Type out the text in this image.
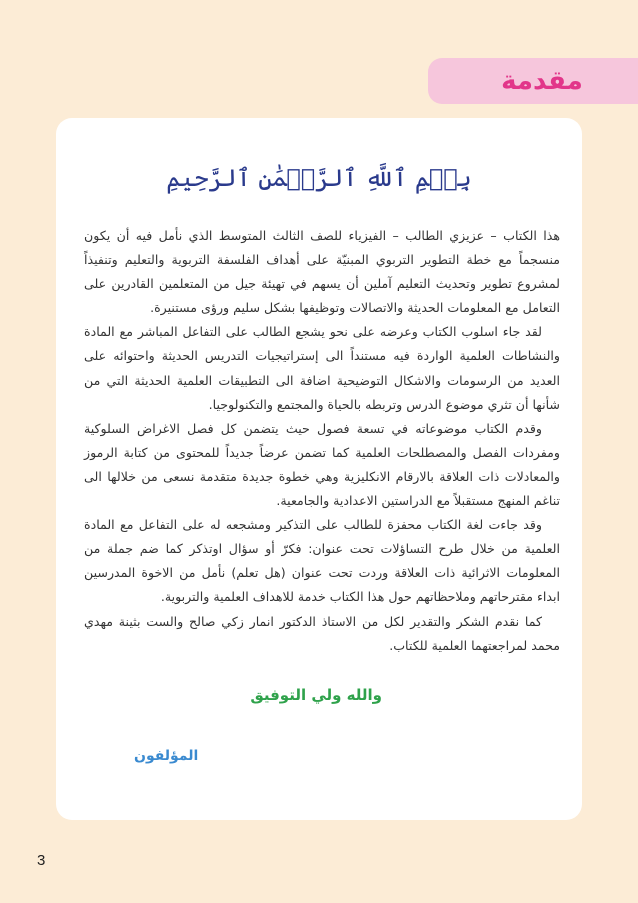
مقدمة
بِسۡمِ ٱللَّهِ ٱلرَّحۡمَٰنِ ٱلرَّحِيمِ

هذا الكتاب – عزيزي الطالب – الفيزياء للصف الثالث المتوسط الذي نأمل فيه أن يكون منسجماً مع خطة التطوير التربوي المبنيّة على أهداف الفلسفة التربوية والتعليم وتنفيذاً لمشروع تطوير وتحديث التعليم آملين أن يسهم في تهيئة جيل من المتعلمين القادرين على التعامل مع المعلومات الحديثة والاتصالات وتوظيفها بشكل سليم ورؤى مستنيرة.

لقد جاء اسلوب الكتاب وعرضه على نحو يشجع الطالب على التفاعل المباشر مع المادة والنشاطات العلمية الواردة فيه مستنداً الى إستراتيجيات التدريس الحديثة واحتوائه على العديد من الرسومات والاشكال التوضيحية اضافة الى التطبيقات العلمية الحديثة التي من شأنها أن تثري موضوع الدرس وتربطه بالحياة والمجتمع والتكنولوجيا.

وقدم الكتاب موضوعاته في تسعة فصول حيث يتضمن كل فصل الاغراض السلوكية ومفردات الفصل والمصطلحات العلمية كما تضمن عرضاً جديداً للمحتوى من كتابة الرموز والمعادلات ذات العلاقة بالارقام الانكليزية وهي خطوة جديدة متقدمة نسعى من خلالها الى تناغم المنهج مستقبلاً مع الدراستين الاعدادية والجامعية.

وقد جاءت لغة الكتاب محفزة للطالب على التذكير ومشجعه له على التفاعل مع المادة العلمية من خلال طرح التساؤلات تحت عنوان: فكرّ أو سؤال اوتذكر كما ضم جملة من المعلومات الاثرائية ذات العلاقة وردت تحت عنوان (هل تعلم) نأمل من الاخوة المدرسين ابداء مقترحاتهم وملاحظاتهم حول هذا الكتاب خدمة للاهداف العلمية والتربوية.

كما نقدم الشكر والتقدير لكل من الاستاذ الدكتور انمار زكي صالح والست بثينة مهدي محمد لمراجعتهما العلمية للكتاب.

والله ولي التوفيق
المؤلفون
3
